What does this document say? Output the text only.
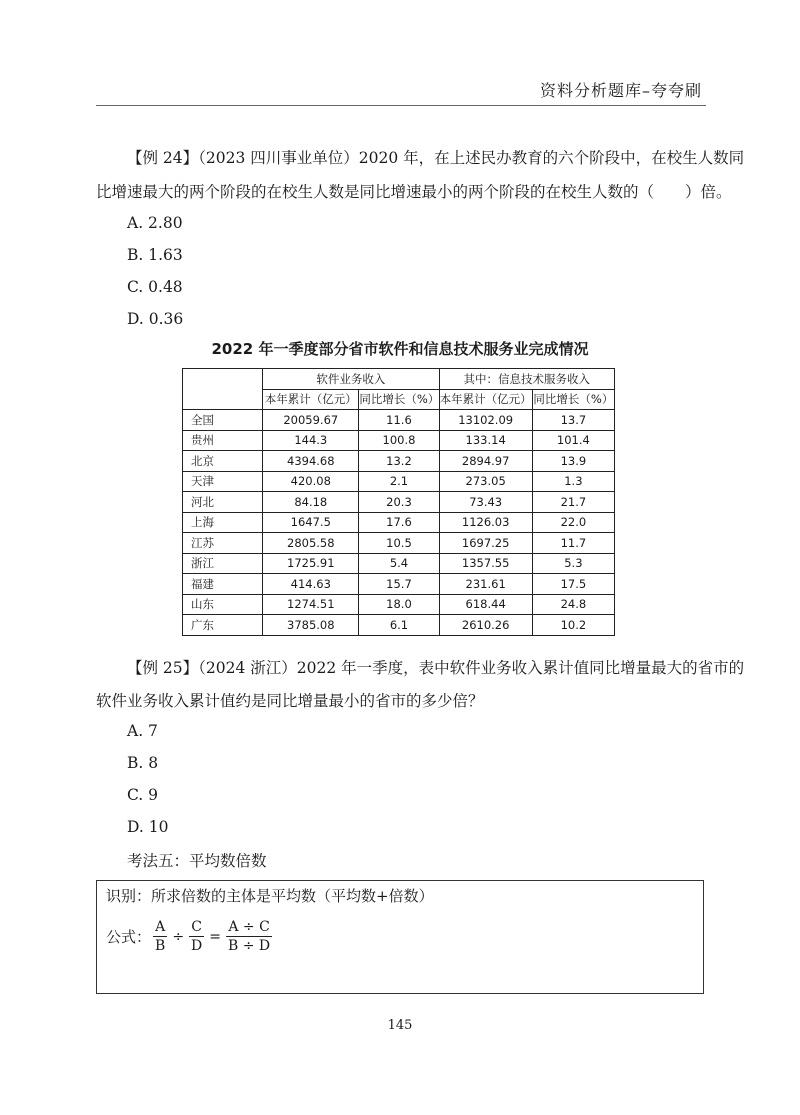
资料分析题库–夸夸刷
【例 24】（2023 四川事业单位）2020 年，在上述民办教育的六个阶段中，在校生人数同
比增速最大的两个阶段的在校生人数是同比增速最小的两个阶段的在校生人数的（　　）倍。
A. 2.80
B. 1.63
C. 0.48
D. 0.36
2022 年一季度部分省市软件和信息技术服务业完成情况
	软件业务收入		其中：信息技术服务收入	
	本年累计（亿元）	同比增长（%）	本年累计（亿元）	同比增长（%）
全国	20059.67	11.6	13102.09	13.7
贵州	144.3	100.8	133.14	101.4
北京	4394.68	13.2	2894.97	13.9
天津	420.08	2.1	273.05	1.3
河北	84.18	20.3	73.43	21.7
上海	1647.5	17.6	1126.03	22.0
江苏	2805.58	10.5	1697.25	11.7
浙江	1725.91	5.4	1357.55	5.3
福建	414.63	15.7	231.61	17.5
山东	1274.51	18.0	618.44	24.8
广东	3785.08	6.1	2610.26	10.2
【例 25】（2024 浙江）2022 年一季度，表中软件业务收入累计值同比增量最大的省市的
软件业务收入累计值约是同比增量最小的省市的多少倍？
A. 7
B. 8
C. 9
D. 10
考法五：平均数倍数
识别：所求倍数的主体是平均数（平均数+倍数）
公式： $\frac{A}{B} \div \frac{C}{D} = \frac{A \div C}{B \div D}$
145
